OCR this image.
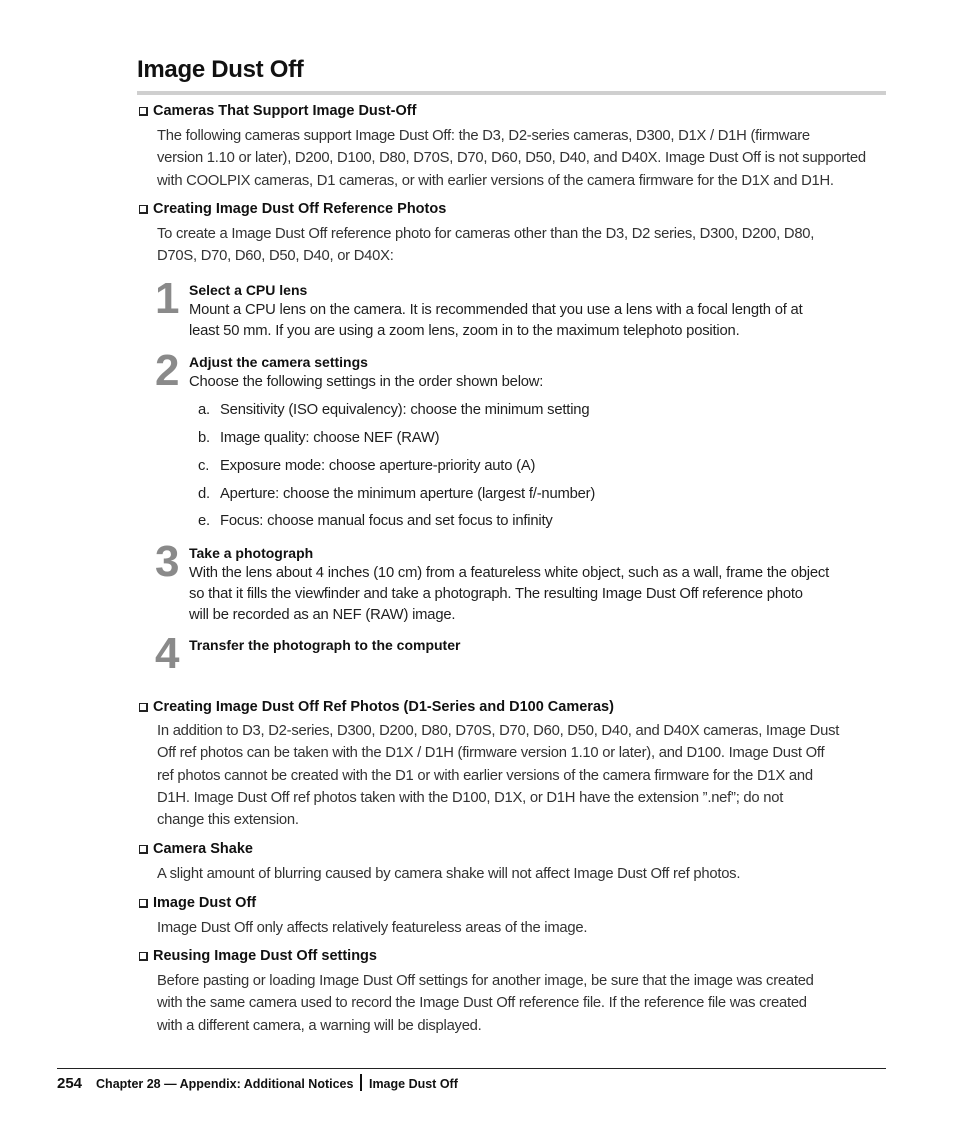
Image Dust Off
Cameras That Support Image Dust-Off

The following cameras support Image Dust Off: the D3, D2-series cameras, D300, D1X / D1H (firmware
version 1.10 or later), D200, D100, D80, D70S, D70, D60, D50, D40, and D40X. Image Dust Off is not supported
with COOLPIX cameras, D1 cameras, or with earlier versions of the camera firmware for the D1X and D1H.

Creating Image Dust Off Reference Photos

To create a Image Dust Off reference photo for cameras other than the D3, D2 series, D300, D200, D80,
D70S, D70, D60, D50, D40, or D40X:

1 Select a CPU lens

Mount a CPU lens on the camera. It is recommended that you use a lens with a focal length of at
least 50 mm. If you are using a zoom lens, zoom in to the maximum telephoto position.

2 Adjust the camera settings

Choose the following settings in the order shown below:

a. Sensitivity (ISO equivalency): choose the minimum setting

b. Image quality: choose NEF (RAW)

c. Exposure mode: choose aperture-priority auto (A)

d. Aperture: choose the minimum aperture (largest f/-number)

e. Focus: choose manual focus and set focus to infinity

3 Take a photograph

With the lens about 4 inches (10 cm) from a featureless white object, such as a wall, frame the object
so that it fills the viewfinder and take a photograph. The resulting Image Dust Off reference photo
will be recorded as an NEF (RAW) image.

4 Transfer the photograph to the computer
Creating Image Dust Off Ref Photos (D1-Series and D100 Cameras)

In addition to D3, D2-series, D300, D200, D80, D70S, D70, D60, D50, D40, and D40X cameras, Image Dust
Off ref photos can be taken with the D1X / D1H (firmware version 1.10 or later), and D100. Image Dust Off
ref photos cannot be created with the D1 or with earlier versions of the camera firmware for the D1X and
D1H. Image Dust Off ref photos taken with the D100, D1X, or D1H have the extension ”.nef”; do not
change this extension.

Camera Shake

A slight amount of blurring caused by camera shake will not affect Image Dust Off ref photos.

Image Dust Off

Image Dust Off only affects relatively featureless areas of the image.

Reusing Image Dust Off settings

Before pasting or loading Image Dust Off settings for another image, be sure that the image was created
with the same camera used to record the Image Dust Off reference file. If the reference file was created
with a different camera, a warning will be displayed.

254 Chapter 28 — Appendix: Additional Notices Image Dust Off
